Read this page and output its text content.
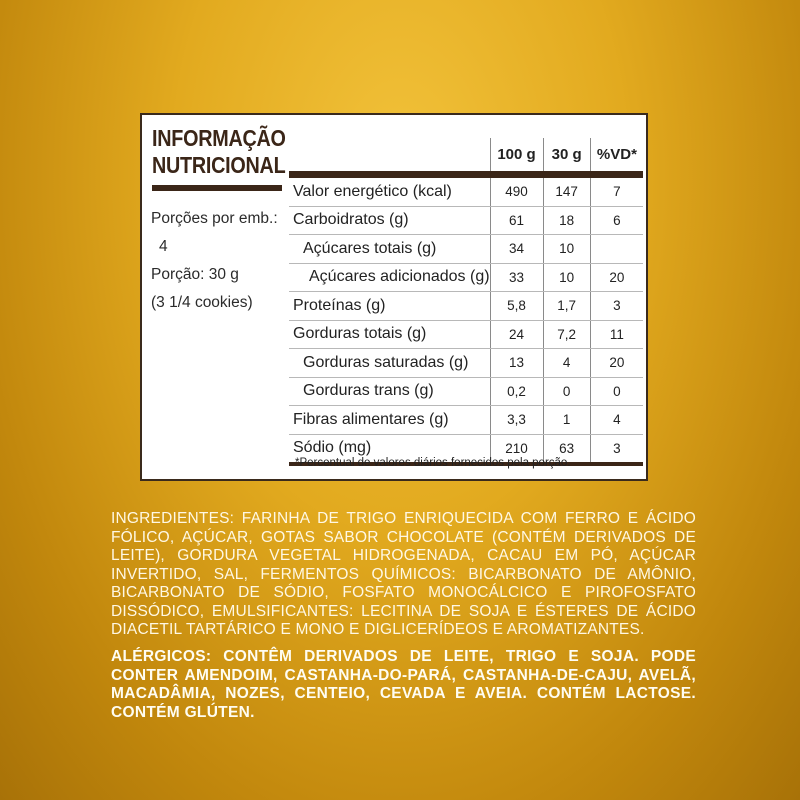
INFORMAÇÃO
NUTRICIONAL
Porções por emb.:
4
Porção: 30 g
(3 1/4 cookies)
	100 g	30 g	%VD*
Valor energético (kcal)	490	147	7
Carboidratos (g)	61	18	6
Açúcares totais (g)	34	10	
Açúcares adicionados (g)	33	10	20
Proteínas (g)	5,8	1,7	3
Gorduras totais (g)	24	7,2	11
Gorduras saturadas (g)	13	4	20
Gorduras trans (g)	0,2	0	0
Fibras alimentares (g)	3,3	1	4
Sódio (mg)	210	63	3
*Percentual de valores diários fornecidos pela porção.
INGREDIENTES: FARINHA DE TRIGO ENRIQUECIDA COM FERRO E ÁCIDO FÓLICO, AÇÚCAR, GOTAS SABOR CHOCOLATE (CONTÉM DERIVADOS DE LEITE), GORDURA VEGETAL HIDROGENADA, CACAU EM PÓ, AÇÚCAR INVERTIDO, SAL, FERMENTOS QUÍMICOS: BICARBONATO DE AMÔNIO, BICARBONATO DE SÓDIO, FOSFATO MONOCÁLCICO E PIROFOSFATO DISSÓDICO, EMULSIFICANTES: LECITINA DE SOJA E ÉSTERES DE ÁCIDO DIACETIL TARTÁRICO E MONO E DIGLICERÍDEOS E AROMATIZANTES.
ALÉRGICOS: CONTÊM DERIVADOS DE LEITE, TRIGO E SOJA. PODE CONTER AMENDOIM, CASTANHA-DO-PARÁ, CASTANHA-DE-CAJU, AVELÃ, MACADÂMIA, NOZES, CENTEIO, CEVADA E AVEIA. CONTÉM LACTOSE. CONTÉM GLÚTEN.
